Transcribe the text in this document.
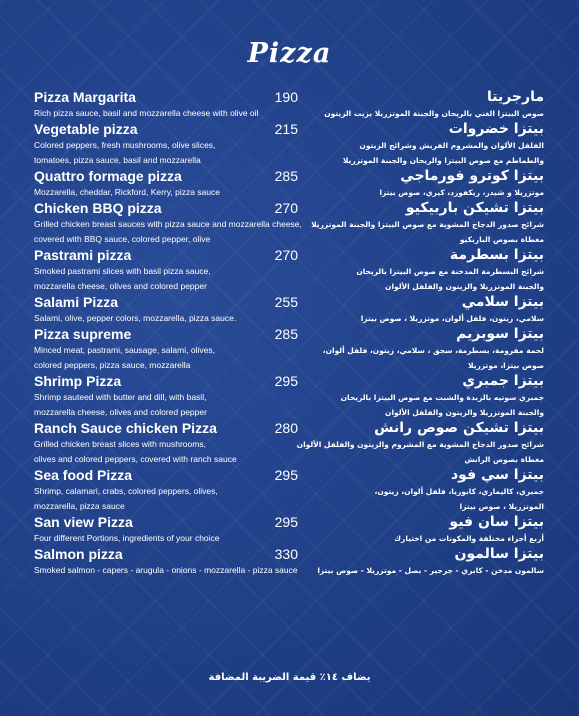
Pizza
Pizza Margarita	190
Rich pizza sauce, basil and mozzarella cheese with olive oil
Vegetable pizza	215
Colored peppers, fresh mushrooms, olive slices,
tomatoes, pizza sauce, basil and mozzarella
Quattro formage pizza	285
Mozzarella, cheddar, Rickford, Kerry, pizza sauce
Chicken BBQ pizza	270
Grilled chicken breast sauces with pizza sauce and mozzarella cheese,
covered with BBQ sauce, colored pepper, olive
Pastrami pizza	270
Smoked pastrami slices with basil pizza sauce,
mozzarella cheese, olives and colored pepper
Salami Pizza	255
Salami, olive, pepper colors, mozzarella, pizza sauce.
Pizza supreme	285
Minced meat, pastrami, sausage, salami, olives,
colored peppers, pizza sauce, mozzarella
Shrimp Pizza	295
Shrimp sauteed with butter and dill, with basil,
mozzarella cheese, olives and colored pepper
Ranch Sauce chicken Pizza	280
Grilled chicken breast slices with mushrooms,
olives and colored peppers, covered with ranch sauce
Sea food Pizza	295
Shrimp, calamari, crabs, colored peppers, olives,
mozzarella, pizza sauce
San view Pizza	295
Four different Portions, ingredients of your choice
Salmon pizza	330
Smoked salmon - capers - arugula - onions - mozzarella - pizza sauce
مارجريتا
صوص البيتزا الغني بالريحان والجبنة الموتزريلا بزيت الزيتون
بيتزا خضروات
الفلفل الألوان والمشروم الفريش وشرائح الزيتون
والطماطم مع صوص البيتزا والريحان والجبنة الموتزريلا
بيتزا كوترو فورماجي
موتزريلا و شيدر، ريكفورد، كيري، صوص بيتزا
بيتزا تشيكن باربيكيو
شرائح صدور الدجاج المشوية مع صوص البيتزا والجبنة الموتزريلا
مغطاة بصوص الباربكيو
بيتزا بسطرمة
شرائح البسطرمة المدخنة مع صوص البيتزا بالريحان
والجبنة الموتزريلا والزيتون والفلفل الألوان
بيتزا سلامي
سلامي، زيتون، فلفل ألوان، موتزريلا ، صوص بيتزا
بيتزا سوبريم
لحمة مفرومة، بسطرمة، سجق ، سلامي، زيتون، فلفل ألوان،
صوص بيتزا، موتزريلا
بيتزا جمبري
جمبري سوتيه بالزبدة والشبت مع صوص البيتزا بالريحان
والجبنة الموتزريلا والزيتون والفلفل الألوان
بيتزا تشيكن صوص رانش
شرائح صدور الدجاج المشوية مع المشروم والزيتون والفلفل الألوان
مغطاة بصوص الرانش
بيتزا سي فود
جمبري، كاليماري، كابوريا، فلفل ألوان، زيتون،
الموتزريلا ، صوص بيتزا
بيتزا سان فيو
أربع أجزاء مختلفة والمكونات من اختيارك
بيتزا سالمون
سالمون مدخن - كابري - جرجير - بصل - موتزريلا - صوص بيتزا
يضاف ١٤٪ قيمة الضريبة المضافة
